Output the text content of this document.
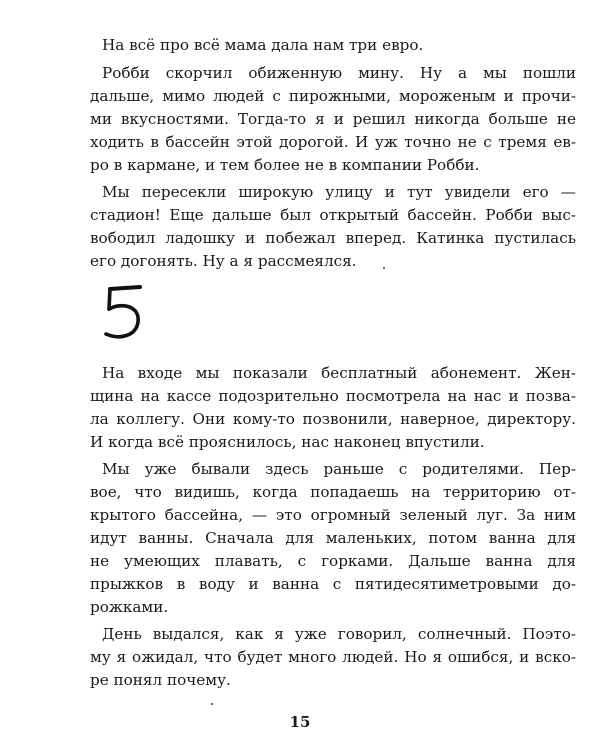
На всё про всё мама дала нам три евро.
Робби скорчил обиженную мину. Ну а мы пошли
дальше, мимо людей с пирожными, мороженым и прочи-
ми вкусностями. Тогда-то я и решил никогда больше не
ходить в бассейн этой дорогой. И уж точно не с тремя ев-
ро в кармане, и тем более не в компании Робби.
Мы пересекли широкую улицу и тут увидели его —
стадион! Еще дальше был открытый бассейн. Робби выс-
вободил ладошку и побежал вперед. Катинка пустилась
его догонять. Ну а я рассмеялся.
На входе мы показали бесплатный абонемент. Жен-
щина на кассе подозрительно посмотрела на нас и позва-
ла коллегу. Они кому-то позвонили, наверное, директору.
И когда всё прояснилось, нас наконец впустили.
Мы уже бывали здесь раньше с родителями. Пер-
вое, что видишь, когда попадаешь на территорию от-
крытого бассейна, — это огромный зеленый луг. За ним
идут ванны. Сначала для маленьких, потом ванна для
не умеющих плавать, с горками. Дальше ванна для
прыжков в воду и ванна с пятидесятиметровыми до-
рожками.
День выдался, как я уже говорил, солнечный. Поэто-
му я ожидал, что будет много людей. Но я ошибся, и вско-
ре понял почему.
15
